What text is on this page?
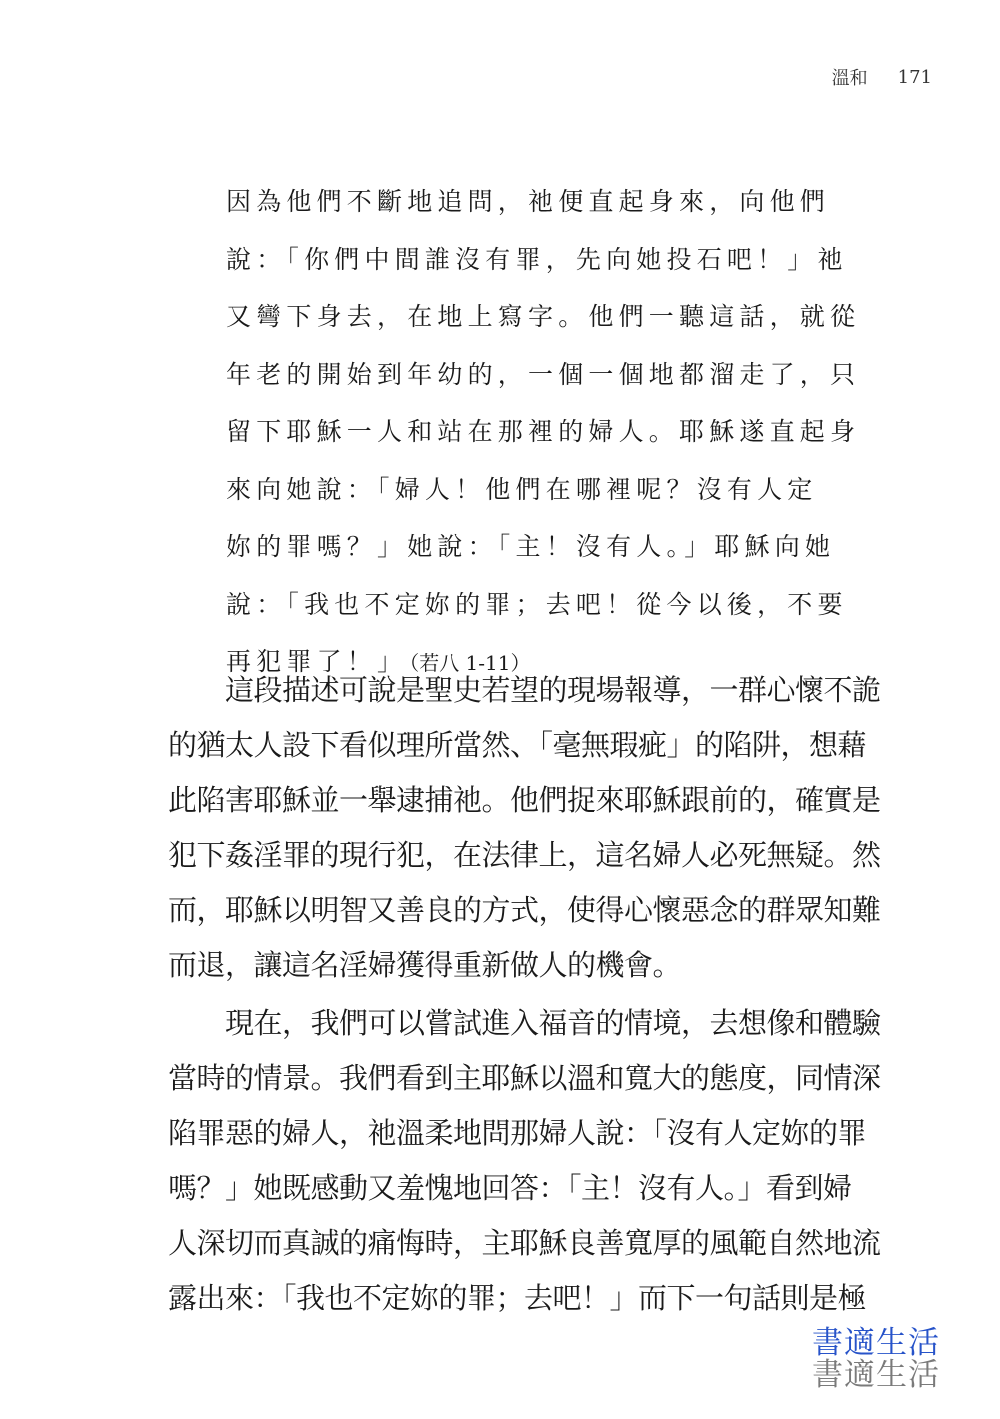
溫和 171
因為他們不斷地追問，祂便直起身來，向他們
說：「你們中間誰沒有罪，先向她投石吧！」祂
又彎下身去，在地上寫字。他們一聽這話，就從
年老的開始到年幼的，一個一個地都溜走了，只
留下耶穌一人和站在那裡的婦人。耶穌遂直起身
來向她說：「婦人！他們在哪裡呢？沒有人定
妳的罪嗎？」她說：「主！沒有人。」耶穌向她
說：「我也不定妳的罪；去吧！從今以後，不要
再犯罪了！」 （若八 1-11）
　　這段描述可說是聖史若望的現場報導，一群心懷不詭
的猶太人設下看似理所當然、「毫無瑕疵」的陷阱，想藉
此陷害耶穌並一舉逮捕祂。他們捉來耶穌跟前的，確實是
犯下姦淫罪的現行犯，在法律上，這名婦人必死無疑。然
而，耶穌以明智又善良的方式，使得心懷惡念的群眾知難
而退，讓這名淫婦獲得重新做人的機會。
　　現在，我們可以嘗試進入福音的情境，去想像和體驗
當時的情景。我們看到主耶穌以溫和寬大的態度，同情深
陷罪惡的婦人，祂溫柔地問那婦人說：「沒有人定妳的罪
嗎？」她既感動又羞愧地回答：「主！沒有人。」看到婦
人深切而真誠的痛悔時，主耶穌良善寬厚的風範自然地流
露出來：「我也不定妳的罪；去吧！」而下一句話則是極
書適生活
書適生活
